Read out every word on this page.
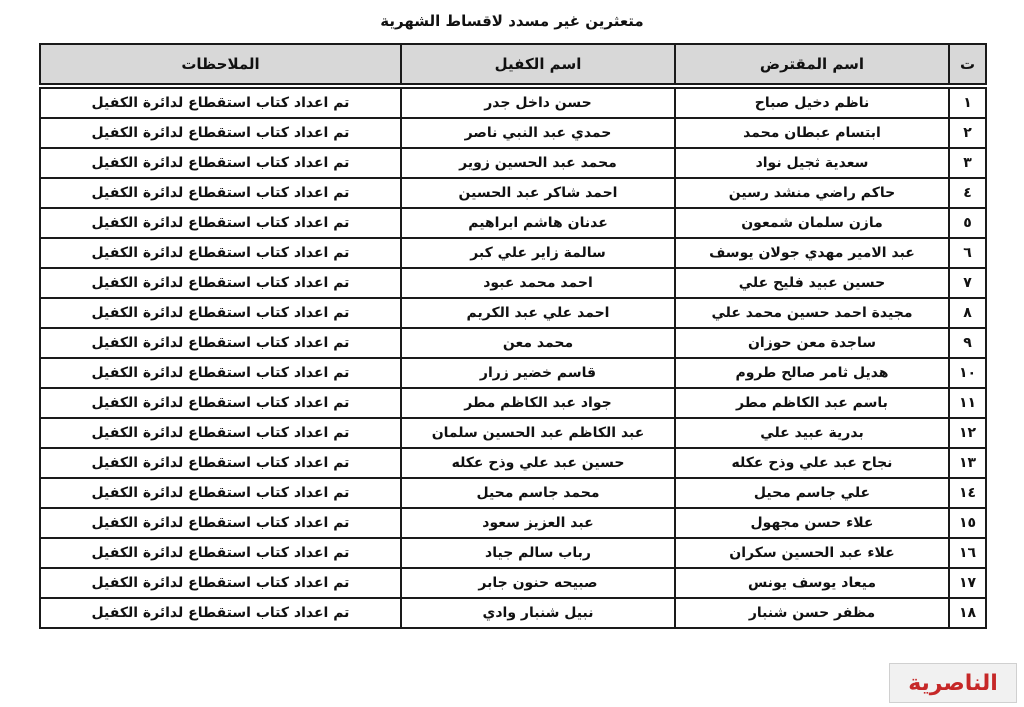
متعثرين غير مسدد لاقساط الشهرية
ت	اسم المقترض	اسم الكفيل	الملاحظات
١	ناظم دخيل صباح	حسن داخل جدر	تم اعداد كتاب استقطاع لدائرة الكفيل
٢	ابتسام عبطان محمد	حمدي عبد النبي ناصر	تم اعداد كتاب استقطاع لدائرة الكفيل
٣	سعدية ثجيل نواد	محمد عبد الحسين زوير	تم اعداد كتاب استقطاع لدائرة الكفيل
٤	حاكم راضي منشد رسين	احمد شاكر عبد الحسين	تم اعداد كتاب استقطاع لدائرة الكفيل
٥	مازن سلمان شمعون	عدنان هاشم ابراهيم	تم اعداد كتاب استقطاع لدائرة الكفيل
٦	عبد الامير مهدي جولان يوسف	سالمة زاير علي كبر	تم اعداد كتاب استقطاع لدائرة الكفيل
٧	حسين عبيد فليح علي	احمد محمد عبود	تم اعداد كتاب استقطاع لدائرة الكفيل
٨	مجيدة احمد حسين محمد علي	احمد علي عبد الكريم	تم اعداد كتاب استقطاع لدائرة الكفيل
٩	ساجدة معن حوزان	محمد معن	تم اعداد كتاب استقطاع لدائرة الكفيل
١٠	هديل ثامر صالح طروم	قاسم خضير زرار	تم اعداد كتاب استقطاع لدائرة الكفيل
١١	باسم عبد الكاظم مطر	جواد عبد الكاظم مطر	تم اعداد كتاب استقطاع لدائرة الكفيل
١٢	بدرية عبيد علي	عبد الكاظم عبد الحسين سلمان	تم اعداد كتاب استقطاع لدائرة الكفيل
١٣	نجاح عبد علي وذح عكله	حسين عبد علي وذح عكله	تم اعداد كتاب استقطاع لدائرة الكفيل
١٤	علي جاسم محيل	محمد جاسم محيل	تم اعداد كتاب استقطاع لدائرة الكفيل
١٥	علاء حسن مجهول	عبد العزيز سعود	تم اعداد كتاب استقطاع لدائرة الكفيل
١٦	علاء عبد الحسين سكران	رباب سالم جياد	تم اعداد كتاب استقطاع لدائرة الكفيل
١٧	ميعاد يوسف يونس	صبيحه حنون جابر	تم اعداد كتاب استقطاع لدائرة الكفيل
١٨	مظفر حسن شنبار	نبيل شنبار وادي	تم اعداد كتاب استقطاع لدائرة الكفيل
الناصرية
